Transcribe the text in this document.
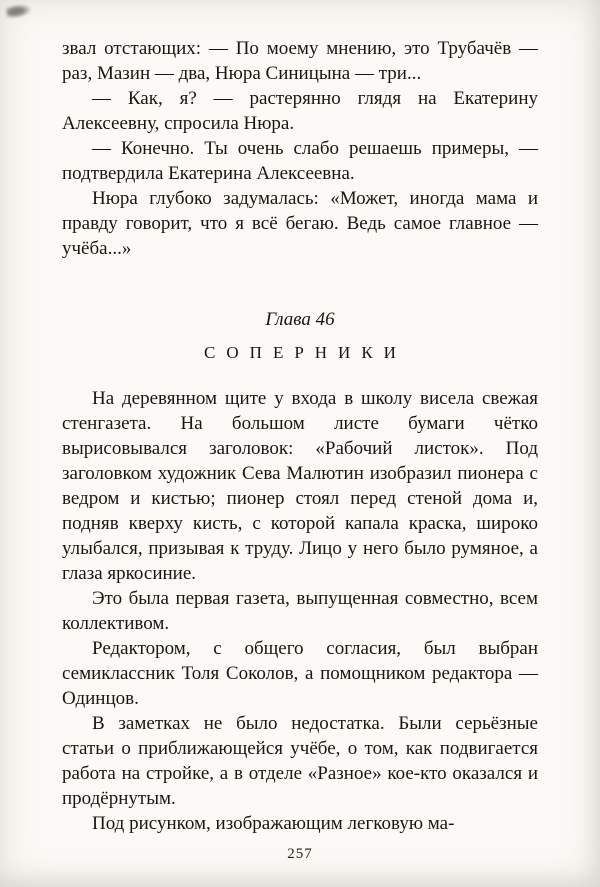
звал отстающих: — По моему мнению, это Трубачёв — раз, Мазин — два, Нюра Синицына — три...

— Как, я? — растерянно глядя на Екатерину Алексеевну, спросила Нюра.

— Конечно. Ты очень слабо решаешь примеры, — подтвердила Екатерина Алексеевна.

Нюра глубоко задумалась: «Может, иногда мама и правду говорит, что я всё бегаю. Ведь самое главное — учёба...»

Глава 46

СОПЕРНИКИ

На деревянном щите у входа в школу висела свежая стенгазета. На большом листе бумаги чётко вырисовывался заголовок: «Рабочий листок». Под заголовком художник Сева Малютин изобразил пионера с ведром и кистью; пионер стоял перед стеной дома и, подняв кверху кисть, с которой капала краска, широко улыбался, призывая к труду. Лицо у него было румяное, а глаза яркосиние.

Это была первая газета, выпущенная совместно, всем коллективом.

Редактором, с общего согласия, был выбран семиклассник Толя Соколов, а помощником редактора — Одинцов.

В заметках не было недостатка. Были серьёзные статьи о приближающейся учёбе, о том, как подвигается работа на стройке, а в отделе «Разное» кое-кто оказался и продёрнутым.

Под рисунком, изображающим легковую ма-

257
